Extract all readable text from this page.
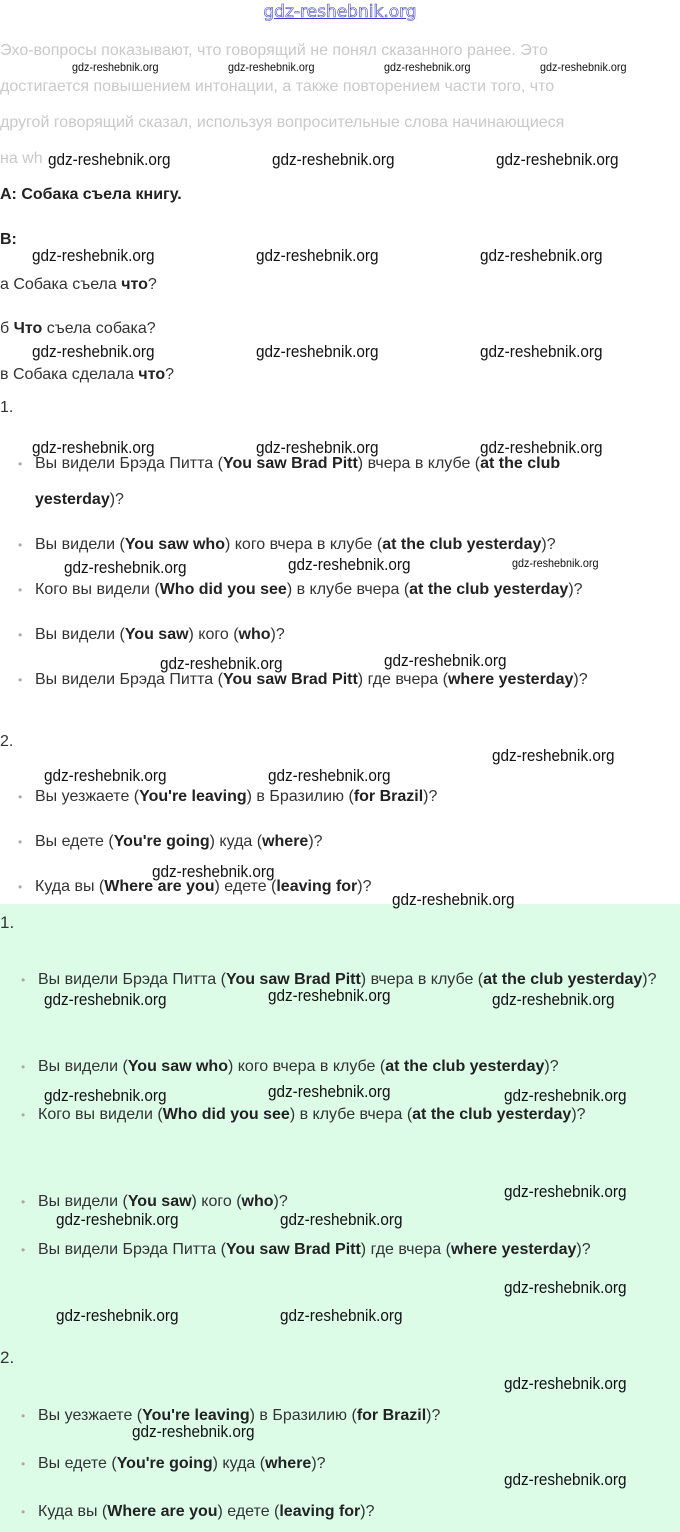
gdz-reshebnik.org
Эхо-вопросы показывают, что говорящий не понял сказанного ранее. Это
достигается повышением интонации, а также повторением части того, что
другой говорящий сказал, используя вопросительные слова начинающиеся
на wh
A: Собака съела книгу.
B:
а Собака съела что?
б Что съела собака?
в Собака сделала что?
1.
• Вы видели Брэда Питта (You saw Brad Pitt) вчера в клубе (at the club yesterday)?
• Вы видели (You saw who) кого вчера в клубе (at the club yesterday)?
• Кого вы видели (Who did you see) в клубе вчера (at the club yesterday)?
• Вы видели (You saw) кого (who)?
• Вы видели Брэда Питта (You saw Brad Pitt) где вчера (where yesterday)?
2.
• Вы уезжаете (You're leaving) в Бразилию (for Brazil)?
• Вы едете (You're going) куда (where)?
• Куда вы (Where are you) едете (leaving for)?
1.
• Вы видели Брэда Питта (You saw Brad Pitt) вчера в клубе (at the club yesterday)?
• Вы видели (You saw who) кого вчера в клубе (at the club yesterday)?
• Кого вы видели (Who did you see) в клубе вчера (at the club yesterday)?
• Вы видели (You saw) кого (who)?
• Вы видели Брэда Питта (You saw Brad Pitt) где вчера (where yesterday)?
2.
• Вы уезжаете (You're leaving) в Бразилию (for Brazil)?
• Вы едете (You're going) куда (where)?
• Куда вы (Where are you) едете (leaving for)?
gdz-reshebnik.org	gdz-reshebnik.org	gdz-reshebnik.org	gdz-reshebnik.org
gdz-reshebnik.org	gdz-reshebnik.org	gdz-reshebnik.org
gdz-reshebnik.org	gdz-reshebnik.org	gdz-reshebnik.org
gdz-reshebnik.org	gdz-reshebnik.org	gdz-reshebnik.org
gdz-reshebnik.org	gdz-reshebnik.org	gdz-reshebnik.org
gdz-reshebnik.org	gdz-reshebnik.org	gdz-reshebnik.org
gdz-reshebnik.org	gdz-reshebnik.org
gdz-reshebnik.org
gdz-reshebnik.org	gdz-reshebnik.org
gdz-reshebnik.org
gdz-reshebnik.org
gdz-reshebnik.org	gdz-reshebnik.org	gdz-reshebnik.org
gdz-reshebnik.org	gdz-reshebnik.org	gdz-reshebnik.org
gdz-reshebnik.org
gdz-reshebnik.org	gdz-reshebnik.org
gdz-reshebnik.org
gdz-reshebnik.org	gdz-reshebnik.org
gdz-reshebnik.org
gdz-reshebnik.org
gdz-reshebnik.org
